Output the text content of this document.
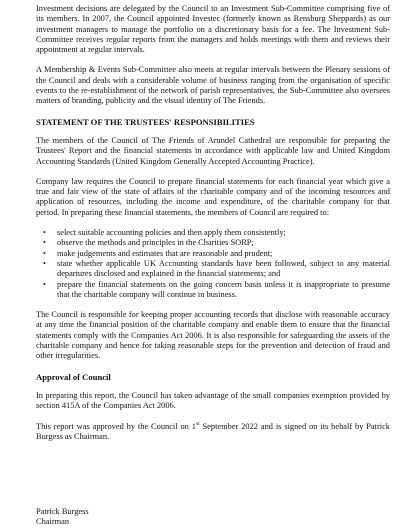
Investment decisions are delegated by the Council to an Investment Sub-Committee comprising five of its members. In 2007, the Council appointed Investec (formerly known as Rensburg Sheppards) as our investment managers to manage the portfolio on a discretionary basis for a fee. The Investment Sub-Committee receives regular reports from the managers and holds meetings with them and reviews their appointment at regular intervals.

A Membership & Events Sub-Committee also meets at regular intervals between the Plenary sessions of the Council and deals with a considerable volume of business ranging from the organisation of specific events to the re-establishment of the network of parish representatives, the Sub-Committee also oversees matters of branding, publicity and the visual identity of The Friends.

STATEMENT OF THE TRUSTEES' RESPONSIBILITIES

The members of the Council of The Friends of Arundel Cathedral are responsible for preparing the Trustees' Report and the financial statements in accordance with applicable law and United Kingdom Accounting Standards (United Kingdom Generally Accepted Accounting Practice).

Company law requires the Council to prepare financial statements for each financial year which give a true and fair view of the state of affairs of the charitable company and of the incoming resources and application of resources, including the income and expenditure, of the charitable company for that period. In preparing these financial statements, the members of Council are required to:

• select suitable accounting policies and then apply them consistently;
• observe the methods and principles in the Charities SORP;
• make judgements and estimates that are reasonable and prudent;
• state whether applicable UK Accounting standards have been followed, subject to any material departures disclosed and explained in the financial statements; and
• prepare the financial statements on the going concern basis unless it is inappropriate to presume that the charitable company will continue in business.

The Council is responsible for keeping proper accounting records that disclose with reasonable accuracy at any time the financial position of the charitable company and enable them to ensure that the financial statements comply with the Companies Act 2006. It is also responsible for safeguarding the assets of the charitable company and hence for taking reasonable steps for the prevention and detection of fraud and other irregularities.

Approval of Council

In preparing this report, the Council has taken advantage of the small companies exemption provided by section 415A of the Companies Act 2006.

This report was approved by the Council on 1st September 2022 and is signed on its behalf by Patrick Burgess as Chairman.

Patrick Burgess
Chairman
